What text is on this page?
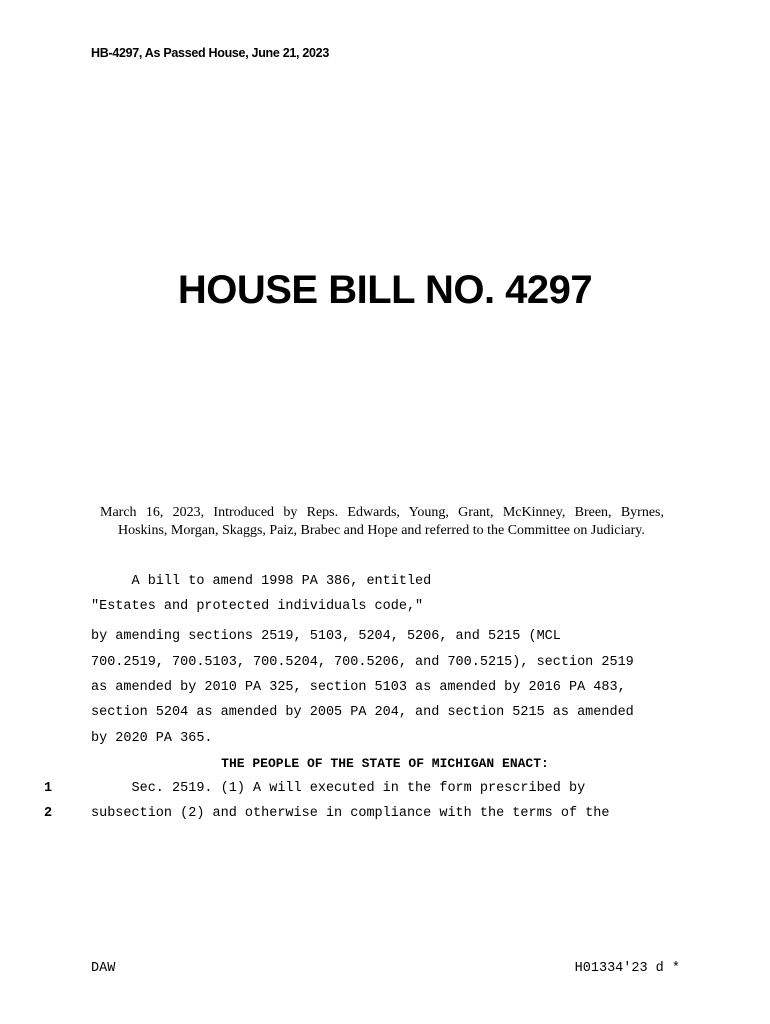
HB-4297, As Passed House, June 21, 2023
HOUSE BILL NO. 4297

March 16, 2023, Introduced by Reps. Edwards, Young, Grant, McKinney, Breen, Byrnes,

Hoskins, Morgan, Skaggs, Paiz, Brabec and Hope and referred to the Committee on Judiciary.

A bill to amend 1998 PA 386, entitled
"Estates and protected individuals code,"
by amending sections 2519, 5103, 5204, 5206, and 5215 (MCL
700.2519, 700.5103, 700.5204, 700.5206, and 700.5215), section 2519
as amended by 2010 PA 325, section 5103 as amended by 2016 PA 483,
section 5204 as amended by 2005 PA 204, and section 5215 as amended
by 2020 PA 365.
THE PEOPLE OF THE STATE OF MICHIGAN ENACT:
1	Sec. 2519. (1) A will executed in the form prescribed by
2	subsection (2) and otherwise in compliance with the terms of the
DAW	H01334'23 d *
